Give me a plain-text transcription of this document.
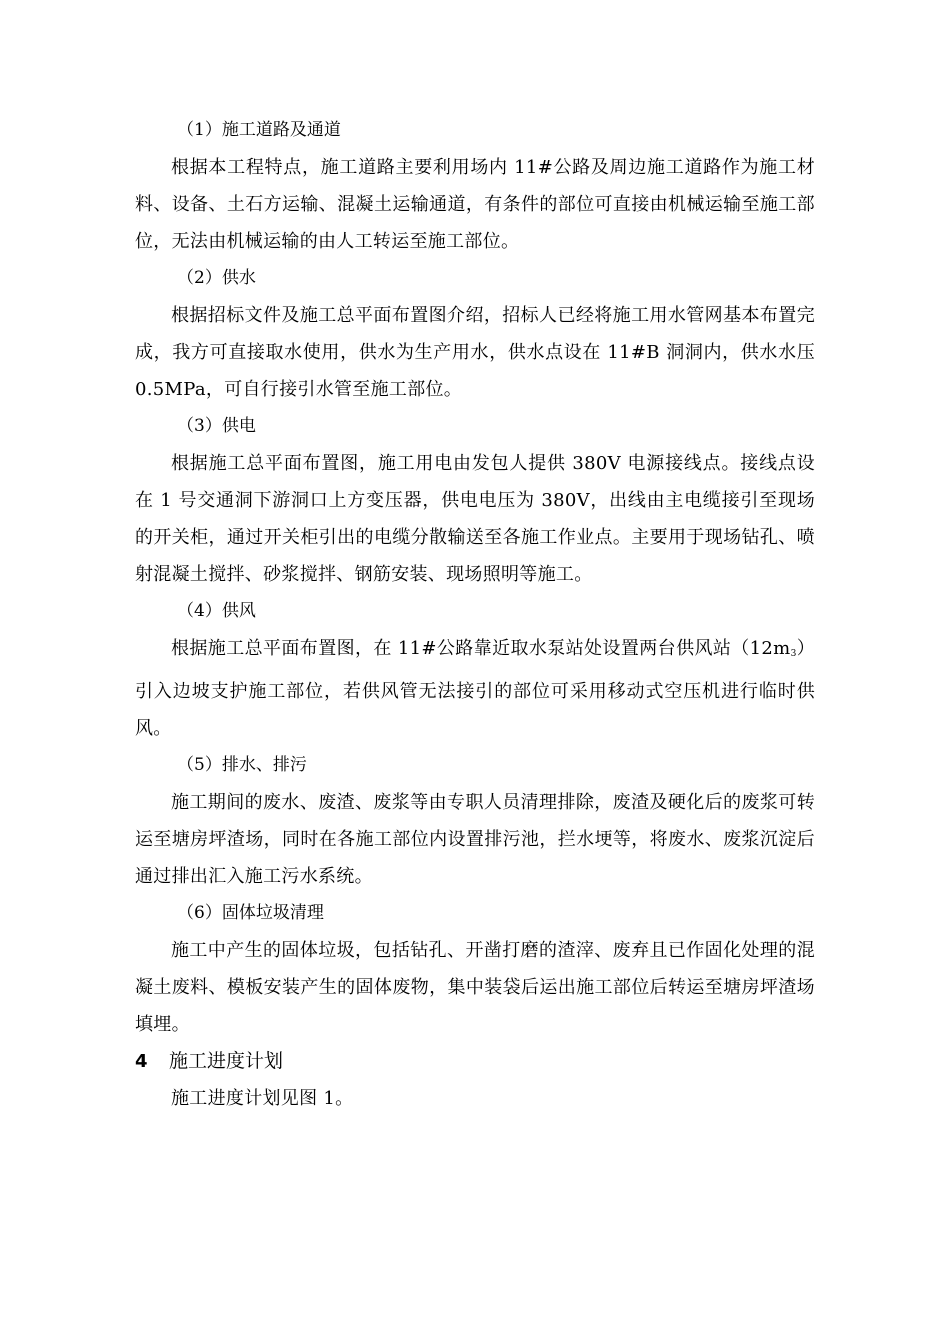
（1）施工道路及通道

根据本工程特点，施工道路主要利用场内 11#公路及周边施工道路作为施工材料、设备、土石方运输、混凝土运输通道，有条件的部位可直接由机械运输至施工部位，无法由机械运输的由人工转运至施工部位。

（2）供水

根据招标文件及施工总平面布置图介绍，招标人已经将施工用水管网基本布置完成，我方可直接取水使用，供水为生产用水，供水点设在 11#B 洞洞内，供水水压 0.5MPa，可自行接引水管至施工部位。

（3）供电

根据施工总平面布置图，施工用电由发包人提供 380V 电源接线点。接线点设在 1 号交通洞下游洞口上方变压器，供电电压为 380V，出线由主电缆接引至现场的开关柜，通过开关柜引出的电缆分散输送至各施工作业点。主要用于现场钻孔、喷射混凝土搅拌、砂浆搅拌、钢筋安装、现场照明等施工。

（4）供风

根据施工总平面布置图，在 11#公路靠近取水泵站处设置两台供风站$(12m_3)$引入边坡支护施工部位，若供风管无法接引的部位可采用移动式空压机进行临时供风。

（5）排水、排污

施工期间的废水、废渣、废浆等由专职人员清理排除，废渣及硬化后的废浆可转运至塘房坪渣场，同时在各施工部位内设置排污池，拦水埂等，将废水、废浆沉淀后通过排出汇入施工污水系统。

（6）固体垃圾清理

施工中产生的固体垃圾，包括钻孔、开凿打磨的渣滓、废弃且已作固化处理的混凝土废料、模板安装产生的固体废物，集中装袋后运出施工部位后转运至塘房坪渣场填埋。

4	施工进度计划

施工进度计划见图 1。
